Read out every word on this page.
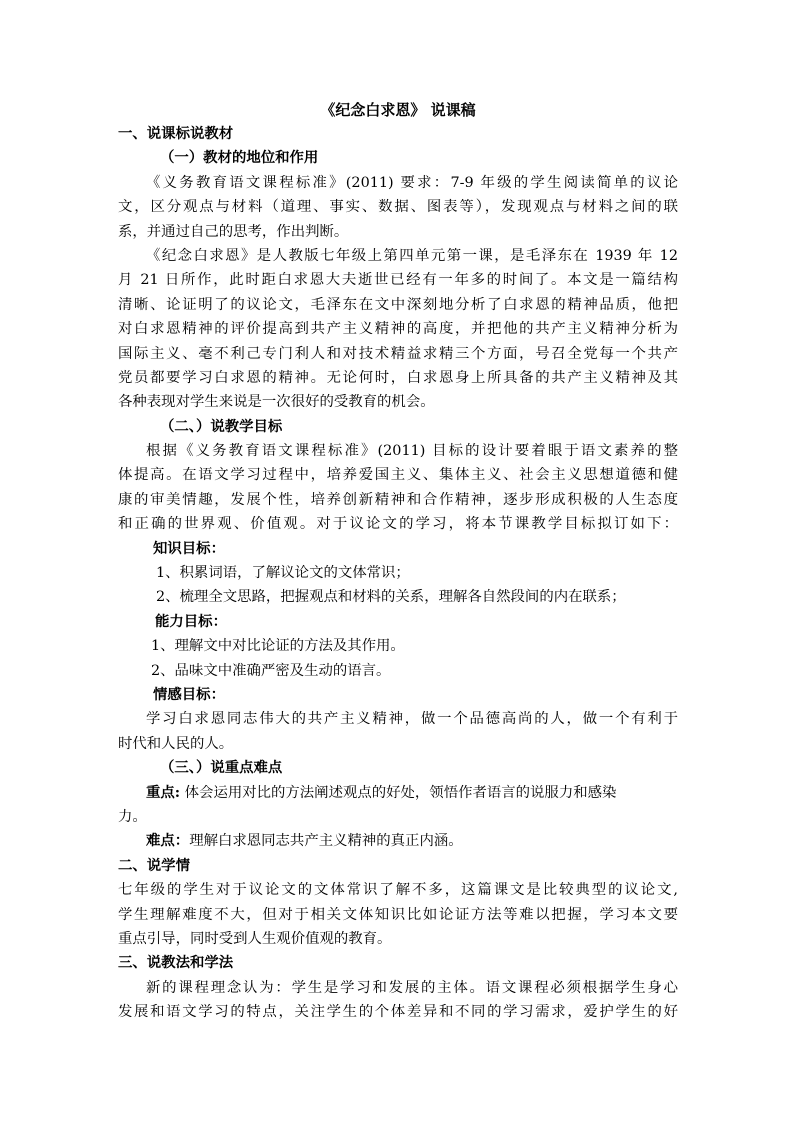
《纪念白求恩》 说课稿
一、说课标说教材
（一）教材的地位和作用
《义务教育语文课程标准》(2011) 要求：7-9 年级的学生阅读简单的议论
文，区分观点与材料（道理、事实、数据、图表等），发现观点与材料之间的联
系，并通过自己的思考，作出判断。
《纪念白求恩》是人教版七年级上第四单元第一课，是毛泽东在 1939 年 12
月 21 日所作，此时距白求恩大夫逝世已经有一年多的时间了。本文是一篇结构
清晰、论证明了的议论文，毛泽东在文中深刻地分析了白求恩的精神品质，他把
对白求恩精神的评价提高到共产主义精神的高度，并把他的共产主义精神分析为
国际主义、毫不利己专门利人和对技术精益求精三个方面，号召全党每一个共产
党员都要学习白求恩的精神。无论何时，白求恩身上所具备的共产主义精神及其
各种表现对学生来说是一次很好的受教育的机会。
（二、）说教学目标
根据《义务教育语文课程标准》(2011) 目标的设计要着眼于语文素养的整
体提高。在语文学习过程中，培养爱国主义、集体主义、社会主义思想道德和健
康的审美情趣，发展个性，培养创新精神和合作精神，逐步形成积极的人生态度
和正确的世界观、价值观。对于议论文的学习，将本节课教学目标拟订如下：
知识目标：
1、积累词语，了解议论文的文体常识；
2、梳理全文思路，把握观点和材料的关系，理解各自然段间的内在联系；
能力目标：
1、理解文中对比论证的方法及其作用。
2、品味文中准确严密及生动的语言。
情感目标：
学习白求恩同志伟大的共产主义精神，做一个品德高尚的人，做一个有利于
时代和人民的人。
（三、）说重点难点
重点: 体会运用对比的方法阐述观点的好处，领悟作者语言的说服力和感染
力。
难点：理解白求恩同志共产主义精神的真正内涵。
二、说学情
七年级的学生对于议论文的文体常识了解不多，这篇课文是比较典型的议论文,
学生理解难度不大，但对于相关文体知识比如论证方法等难以把握，学习本文要
重点引导，同时受到人生观价值观的教育。
三、说教法和学法
新的课程理念认为：学生是学习和发展的主体。语文课程必须根据学生身心
发展和语文学习的特点，关注学生的个体差异和不同的学习需求，爱护学生的好
